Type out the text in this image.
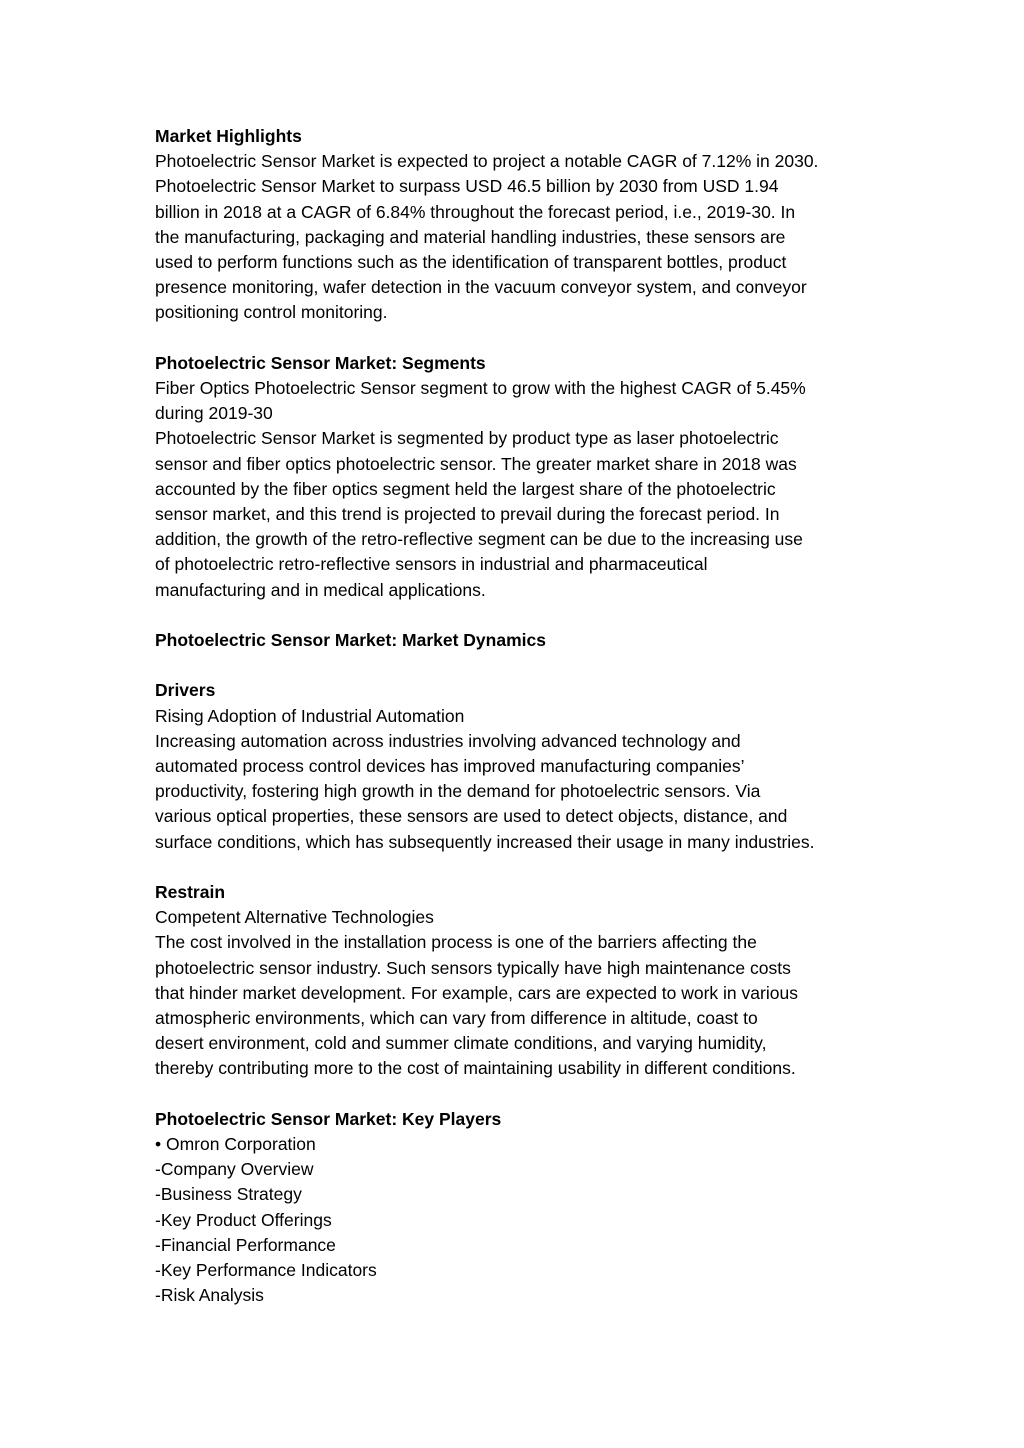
Market Highlights

Photoelectric Sensor Market is expected to project a notable CAGR of 7.12% in 2030.
Photoelectric Sensor Market to surpass USD 46.5 billion by 2030 from USD 1.94
billion in 2018 at a CAGR of 6.84% throughout the forecast period, i.e., 2019-30. In
the manufacturing, packaging and material handling industries, these sensors are
used to perform functions such as the identification of transparent bottles, product
presence monitoring, wafer detection in the vacuum conveyor system, and conveyor
positioning control monitoring.

Photoelectric Sensor Market: Segments

Fiber Optics Photoelectric Sensor segment to grow with the highest CAGR of 5.45%
during 2019-30
Photoelectric Sensor Market is segmented by product type as laser photoelectric
sensor and fiber optics photoelectric sensor. The greater market share in 2018 was
accounted by the fiber optics segment held the largest share of the photoelectric
sensor market, and this trend is projected to prevail during the forecast period. In
addition, the growth of the retro-reflective segment can be due to the increasing use
of photoelectric retro-reflective sensors in industrial and pharmaceutical
manufacturing and in medical applications.

Photoelectric Sensor Market: Market Dynamics

Drivers

Rising Adoption of Industrial Automation
Increasing automation across industries involving advanced technology and
automated process control devices has improved manufacturing companies’
productivity, fostering high growth in the demand for photoelectric sensors. Via
various optical properties, these sensors are used to detect objects, distance, and
surface conditions, which has subsequently increased their usage in many industries.

Restrain

Competent Alternative Technologies
The cost involved in the installation process is one of the barriers affecting the
photoelectric sensor industry. Such sensors typically have high maintenance costs
that hinder market development. For example, cars are expected to work in various
atmospheric environments, which can vary from difference in altitude, coast to
desert environment, cold and summer climate conditions, and varying humidity,
thereby contributing more to the cost of maintaining usability in different conditions.

Photoelectric Sensor Market: Key Players

• Omron Corporation
-Company Overview
-Business Strategy
-Key Product Offerings
-Financial Performance
-Key Performance Indicators
-Risk Analysis
